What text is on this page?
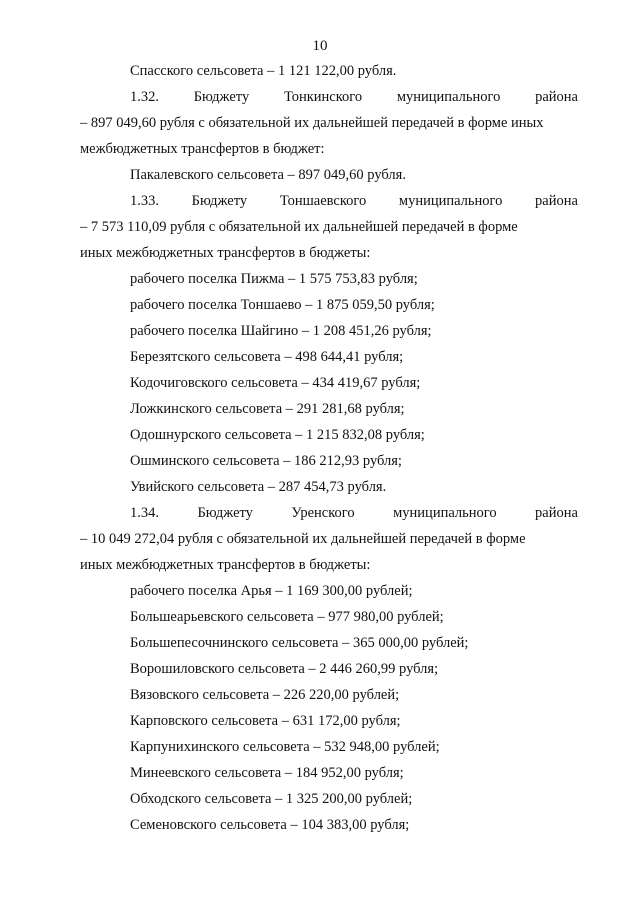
10
Спасского сельсовета – 1 121 122,00 рубля.
1.32. Бюджету Тонкинского муниципального района
– 897 049,60 рубля с обязательной их дальнейшей передачей в форме иных
межбюджетных трансфертов в бюджет:
Пакалевского сельсовета – 897 049,60 рубля.
1.33. Бюджету Тоншаевского муниципального района
– 7 573 110,09 рубля с обязательной их дальнейшей передачей в форме
иных межбюджетных трансфертов в бюджеты:
рабочего поселка Пижма – 1 575 753,83 рубля;
рабочего поселка Тоншаево – 1 875 059,50 рубля;
рабочего поселка Шайгино – 1 208 451,26 рубля;
Березятского сельсовета – 498 644,41 рубля;
Кодочиговского сельсовета – 434 419,67 рубля;
Ложкинского сельсовета – 291 281,68 рубля;
Одошнурского сельсовета – 1 215 832,08 рубля;
Ошминского сельсовета – 186 212,93 рубля;
Увийского сельсовета – 287 454,73 рубля.
1.34.	Бюджету	Уренского	муниципального	района
– 10 049 272,04 рубля с обязательной их дальнейшей передачей в форме
иных межбюджетных трансфертов в бюджеты:
рабочего поселка Арья – 1 169 300,00 рублей;
Большеарьевского сельсовета – 977 980,00 рублей;
Большепесочнинского сельсовета – 365 000,00 рублей;
Ворошиловского сельсовета – 2 446 260,99 рубля;
Вязовского сельсовета – 226 220,00 рублей;
Карповского сельсовета – 631 172,00 рубля;
Карпунихинского сельсовета – 532 948,00 рублей;
Минеевского сельсовета – 184 952,00 рубля;
Обходского сельсовета – 1 325 200,00 рублей;
Семеновского сельсовета – 104 383,00 рубля;
